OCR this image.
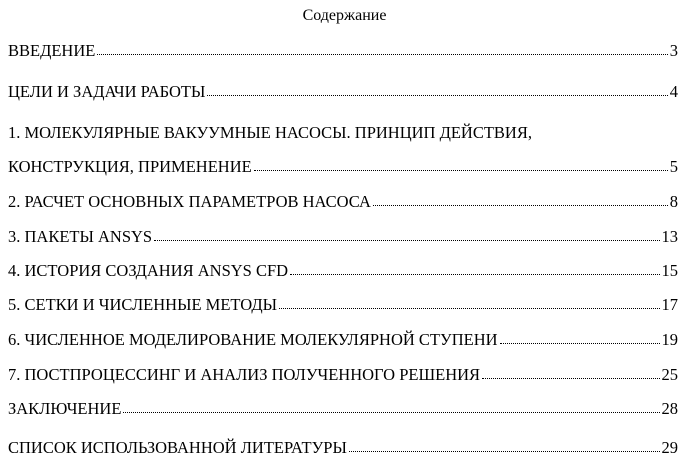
Содержание
ВВЕДЕНИЕ	3
ЦЕЛИ И ЗАДАЧИ РАБОТЫ	4
1. МОЛЕКУЛЯРНЫЕ ВАКУУМНЫЕ НАСОСЫ. ПРИНЦИП ДЕЙСТВИЯ,
КОНСТРУКЦИЯ, ПРИМЕНЕНИЕ	5
2. РАСЧЕТ ОСНОВНЫХ ПАРАМЕТРОВ НАСОСА	8
3. ПАКЕТЫ ANSYS	13
4. ИСТОРИЯ СОЗДАНИЯ ANSYS CFD	15
5. СЕТКИ И ЧИСЛЕННЫЕ МЕТОДЫ	17
6. ЧИСЛЕННОЕ МОДЕЛИРОВАНИЕ МОЛЕКУЛЯРНОЙ СТУПЕНИ	19
7. ПОСТПРОЦЕССИНГ И АНАЛИЗ ПОЛУЧЕННОГО РЕШЕНИЯ	25
ЗАКЛЮЧЕНИЕ	28
СПИСОК ИСПОЛЬЗОВАННОЙ ЛИТЕРАТУРЫ	29
